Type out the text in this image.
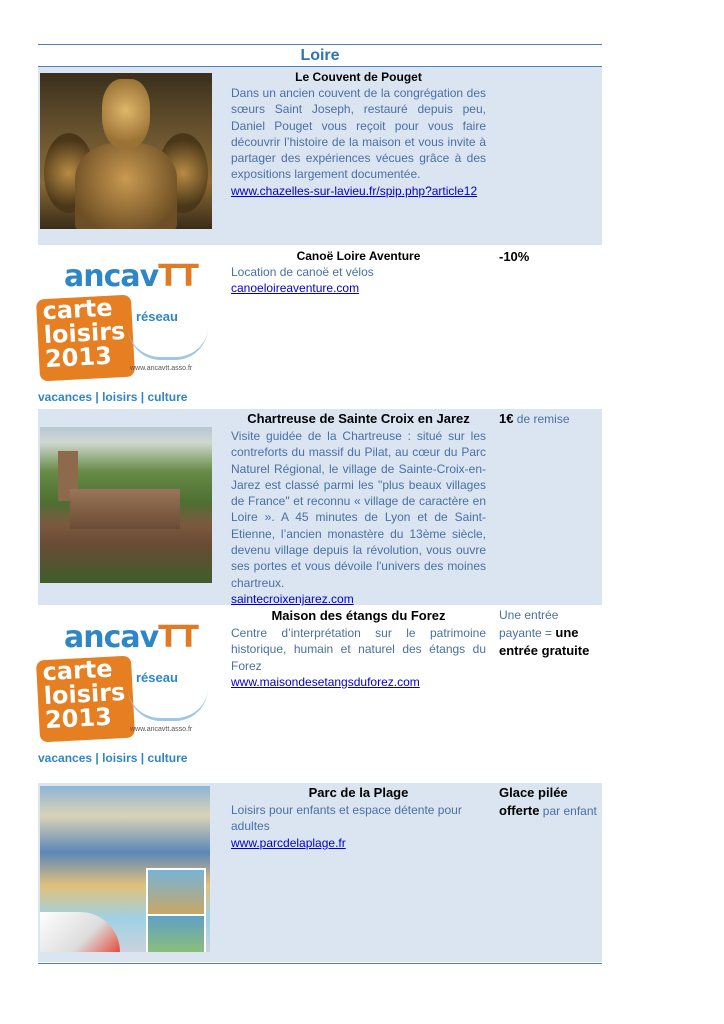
Loire
Le Couvent de Pouget
Dans un ancien couvent de la congrégation des sœurs Saint Joseph, restauré depuis peu, Daniel Pouget vous reçoit pour vous faire découvrir l’histoire de la maison et vous invite à partager des expériences vécues grâce à des expositions largement documentée.
www.chazelles-sur-lavieu.fr/spip.php?article12
ancavTT
carte
loisirs
2013
réseau
www.ancavtt.asso.fr
vacances | loisirs | culture
Canoë Loire Aventure
Location de canoë et vélos
canoeloireaventure.com
-10%
Chartreuse de Sainte Croix en Jarez
Visite guidée de la Chartreuse : situé sur les contreforts du massif du Pilat, au cœur du Parc Naturel Régional, le village de Sainte-Croix-en-Jarez est classé parmi les "plus beaux villages de France" et reconnu « village de caractère en Loire ». A 45 minutes de Lyon et de Saint- Etienne, l’ancien monastère du 13ème siècle, devenu village depuis la révolution, vous ouvre ses portes et vous dévoile l'univers des moines chartreux.
saintecroixenjarez.com
1€ de remise
ancavTT
carte
loisirs
2013
réseau
www.ancavtt.asso.fr
vacances | loisirs | culture
Maison des étangs du Forez
Centre d’interprétation sur le patrimoine historique, humain et naturel des étangs du Forez
www.maisondesetangsduforez.com
Une entrée payante = une entrée gratuite
Parc de la Plage
Loisirs pour enfants et espace détente pour adultes
www.parcdelaplage.fr
Glace pilée offerte par enfant
